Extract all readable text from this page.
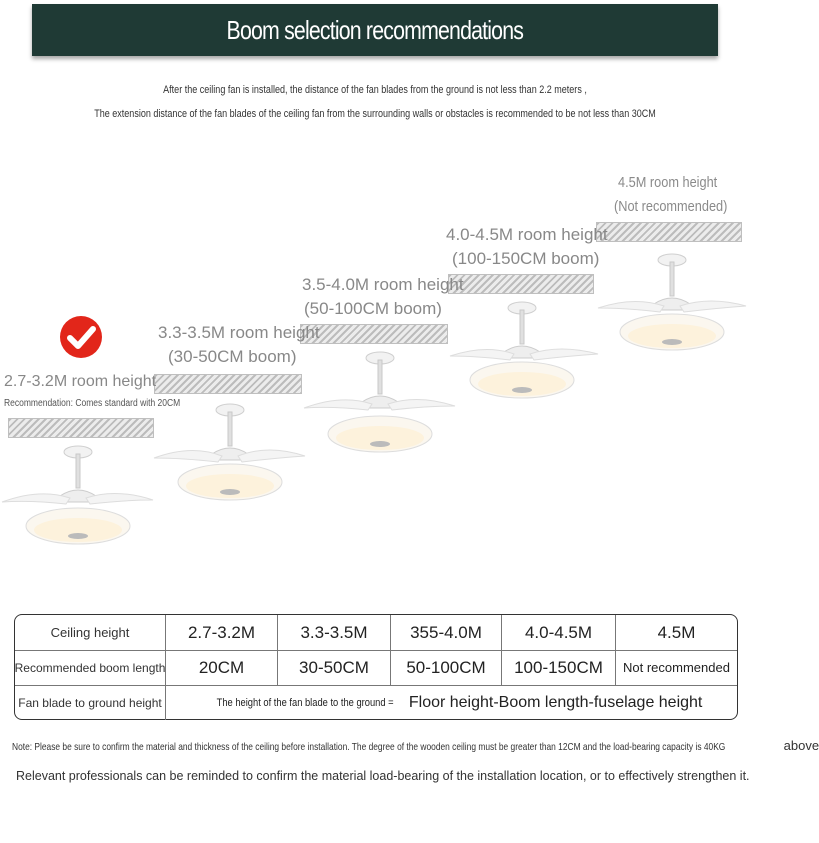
Boom selection recommendations
After the ceiling fan is installed, the distance of the fan blades from the ground is not less than 2.2 meters ,
The extension distance of the fan blades of the ceiling fan from the surrounding walls or obstacles is recommended to be not less than 30CM
4.5M room height
(Not recommended)
4.0-4.5M room height
(100-150CM boom)
3.5-4.0M room height
(50-100CM boom)
3.3-3.5M room height
(30-50CM boom)
2.7-3.2M room height
Recommendation: Comes standard with 20CM
Ceiling height	2.7-3.2M	3.3-3.5M	355-4.0M	4.0-4.5M	4.5M
Recommended boom length	20CM	30-50CM	50-100CM	100-150CM	Not recommended
Fan blade to ground height	The height of the fan blade to the ground = Floor height-Boom length-fuselage height
Note: Please be sure to confirm the material and thickness of the ceiling before installation. The degree of the wooden ceiling must be greater than 12CM and the load-bearing capacity is 40KG	above
Relevant professionals can be reminded to confirm the material load-bearing of the installation location, or to effectively strengthen it.
